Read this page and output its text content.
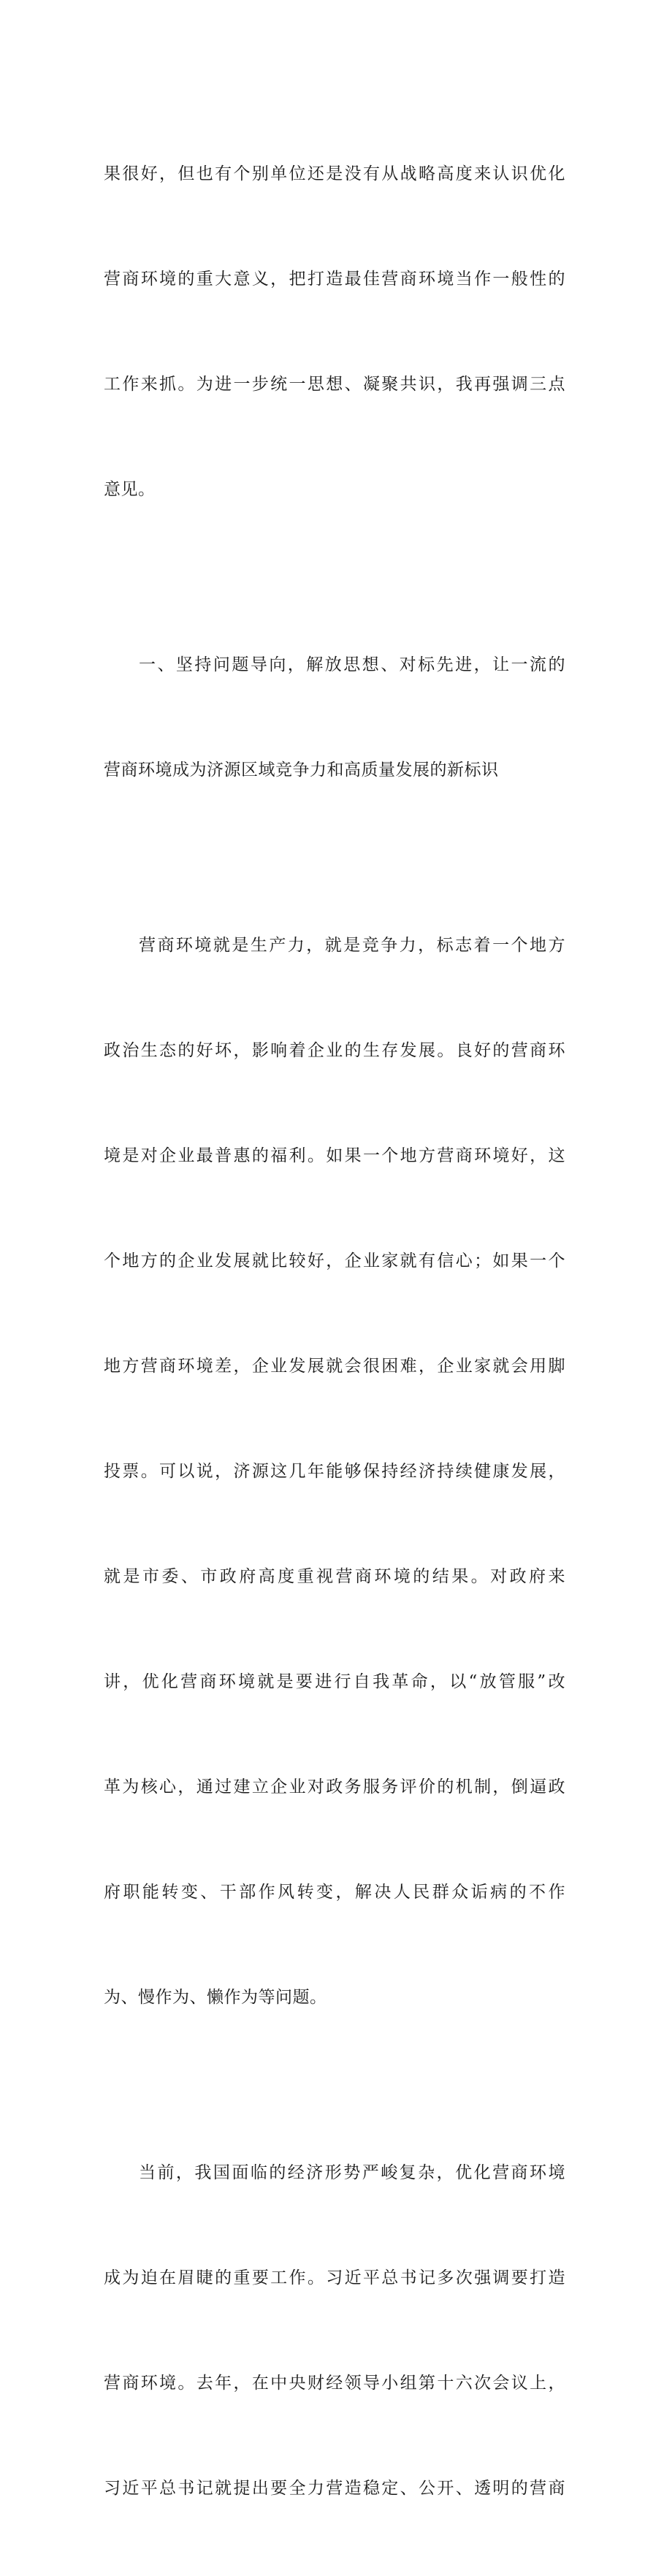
果很好，但也有个别单位还是没有从战略高度来认识优化

营商环境的重大意义，把打造最佳营商环境当作一般性的

工作来抓。为进一步统一思想、凝聚共识，我再强调三点

意见。

一、坚持问题导向，解放思想、对标先进，让一流的

营商环境成为济源区域竞争力和高质量发展的新标识

营商环境就是生产力，就是竞争力，标志着一个地方

政治生态的好坏，影响着企业的生存发展。良好的营商环

境是对企业最普惠的福利。如果一个地方营商环境好，这

个地方的企业发展就比较好，企业家就有信心；如果一个

地方营商环境差，企业发展就会很困难，企业家就会用脚

投票。可以说，济源这几年能够保持经济持续健康发展，

就是市委、市政府高度重视营商环境的结果。对政府来

讲，优化营商环境就是要进行自我革命，以“放管服”改

革为核心，通过建立企业对政务服务评价的机制，倒逼政

府职能转变、干部作风转变，解决人民群众诟病的不作

为、慢作为、懒作为等问题。

当前，我国面临的经济形势严峻复杂，优化营商环境

成为迫在眉睫的重要工作。习近平总书记多次强调要打造

营商环境。去年，在中央财经领导小组第十六次会议上，

习近平总书记就提出要全力营造稳定、公开、透明的营商
